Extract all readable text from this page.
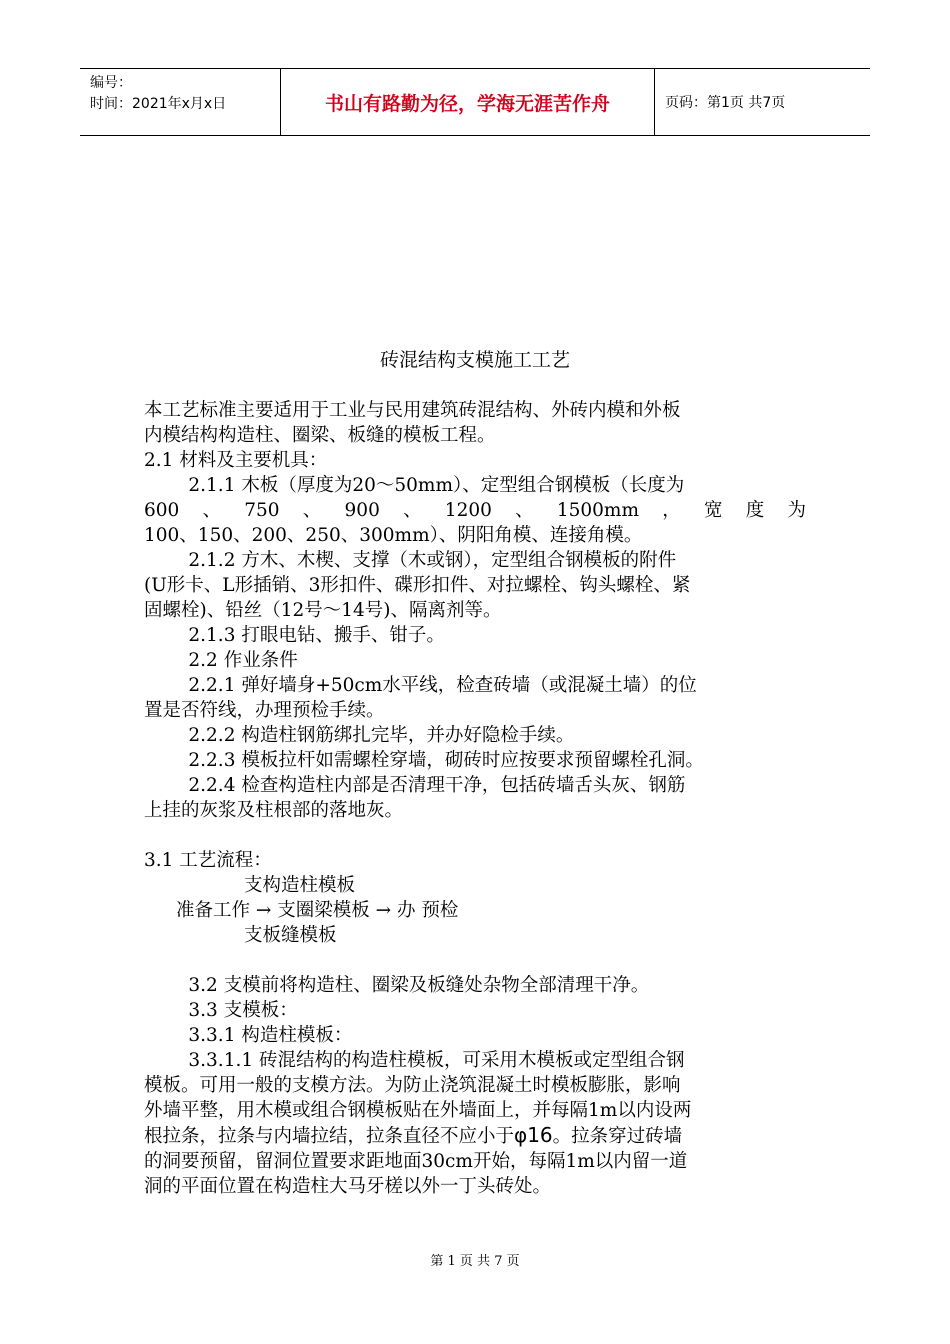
编号：
时间：2021年x月x日	书山有路勤为径，学海无涯苦作舟	页码：第1页 共7页
砖混结构支模施工工艺

本工艺标准主要适用于工业与民用建筑砖混结构、外砖内模和外板

内模结构构造柱、圈梁、板缝的模板工程。

2.1 材料及主要机具：

2.1.1 木板（厚度为20～50mm）、定型组合钢模板（长度为

600 、 750 、 900 、 1200 、 1500mm ， 宽 度 为

100、150、200、250、300mm）、阴阳角模、连接角模。

2.1.2 方木、木楔、支撑（木或钢），定型组合钢模板的附件

(U形卡、L形插销、3形扣件、碟形扣件、对拉螺栓、钩头螺栓、紧

固螺栓)、铅丝（12号～14号)、隔离剂等。

2.1.3 打眼电钻、搬手、钳子。

2.2 作业条件

2.2.1 弹好墙身+50cm水平线，检查砖墙（或混凝土墙）的位

置是否符线，办理预检手续。

2.2.2 构造柱钢筋绑扎完毕，并办好隐检手续。

2.2.3 模板拉杆如需螺栓穿墙，砌砖时应按要求预留螺栓孔洞。

2.2.4 检查构造柱内部是否清理干净，包括砖墙舌头灰、钢筋

上挂的灰浆及柱根部的落地灰。

3.1 工艺流程：

支构造柱模板

准备工作 → 支圈梁模板 → 办 预检

支板缝模板

3.2 支模前将构造柱、圈梁及板缝处杂物全部清理干净。

3.3 支模板：

3.3.1 构造柱模板：

3.3.1.1 砖混结构的构造柱模板，可采用木模板或定型组合钢

模板。可用一般的支模方法。为防止浇筑混凝土时模板膨胀，影响

外墙平整，用木模或组合钢模板贴在外墙面上，并每隔1m以内设两

根拉条，拉条与内墙拉结，拉条直径不应小于φ16。拉条穿过砖墙

的洞要预留，留洞位置要求距地面30cm开始，每隔1m以内留一道

洞的平面位置在构造柱大马牙槎以外一丁头砖处。

第 1 页 共 7 页
